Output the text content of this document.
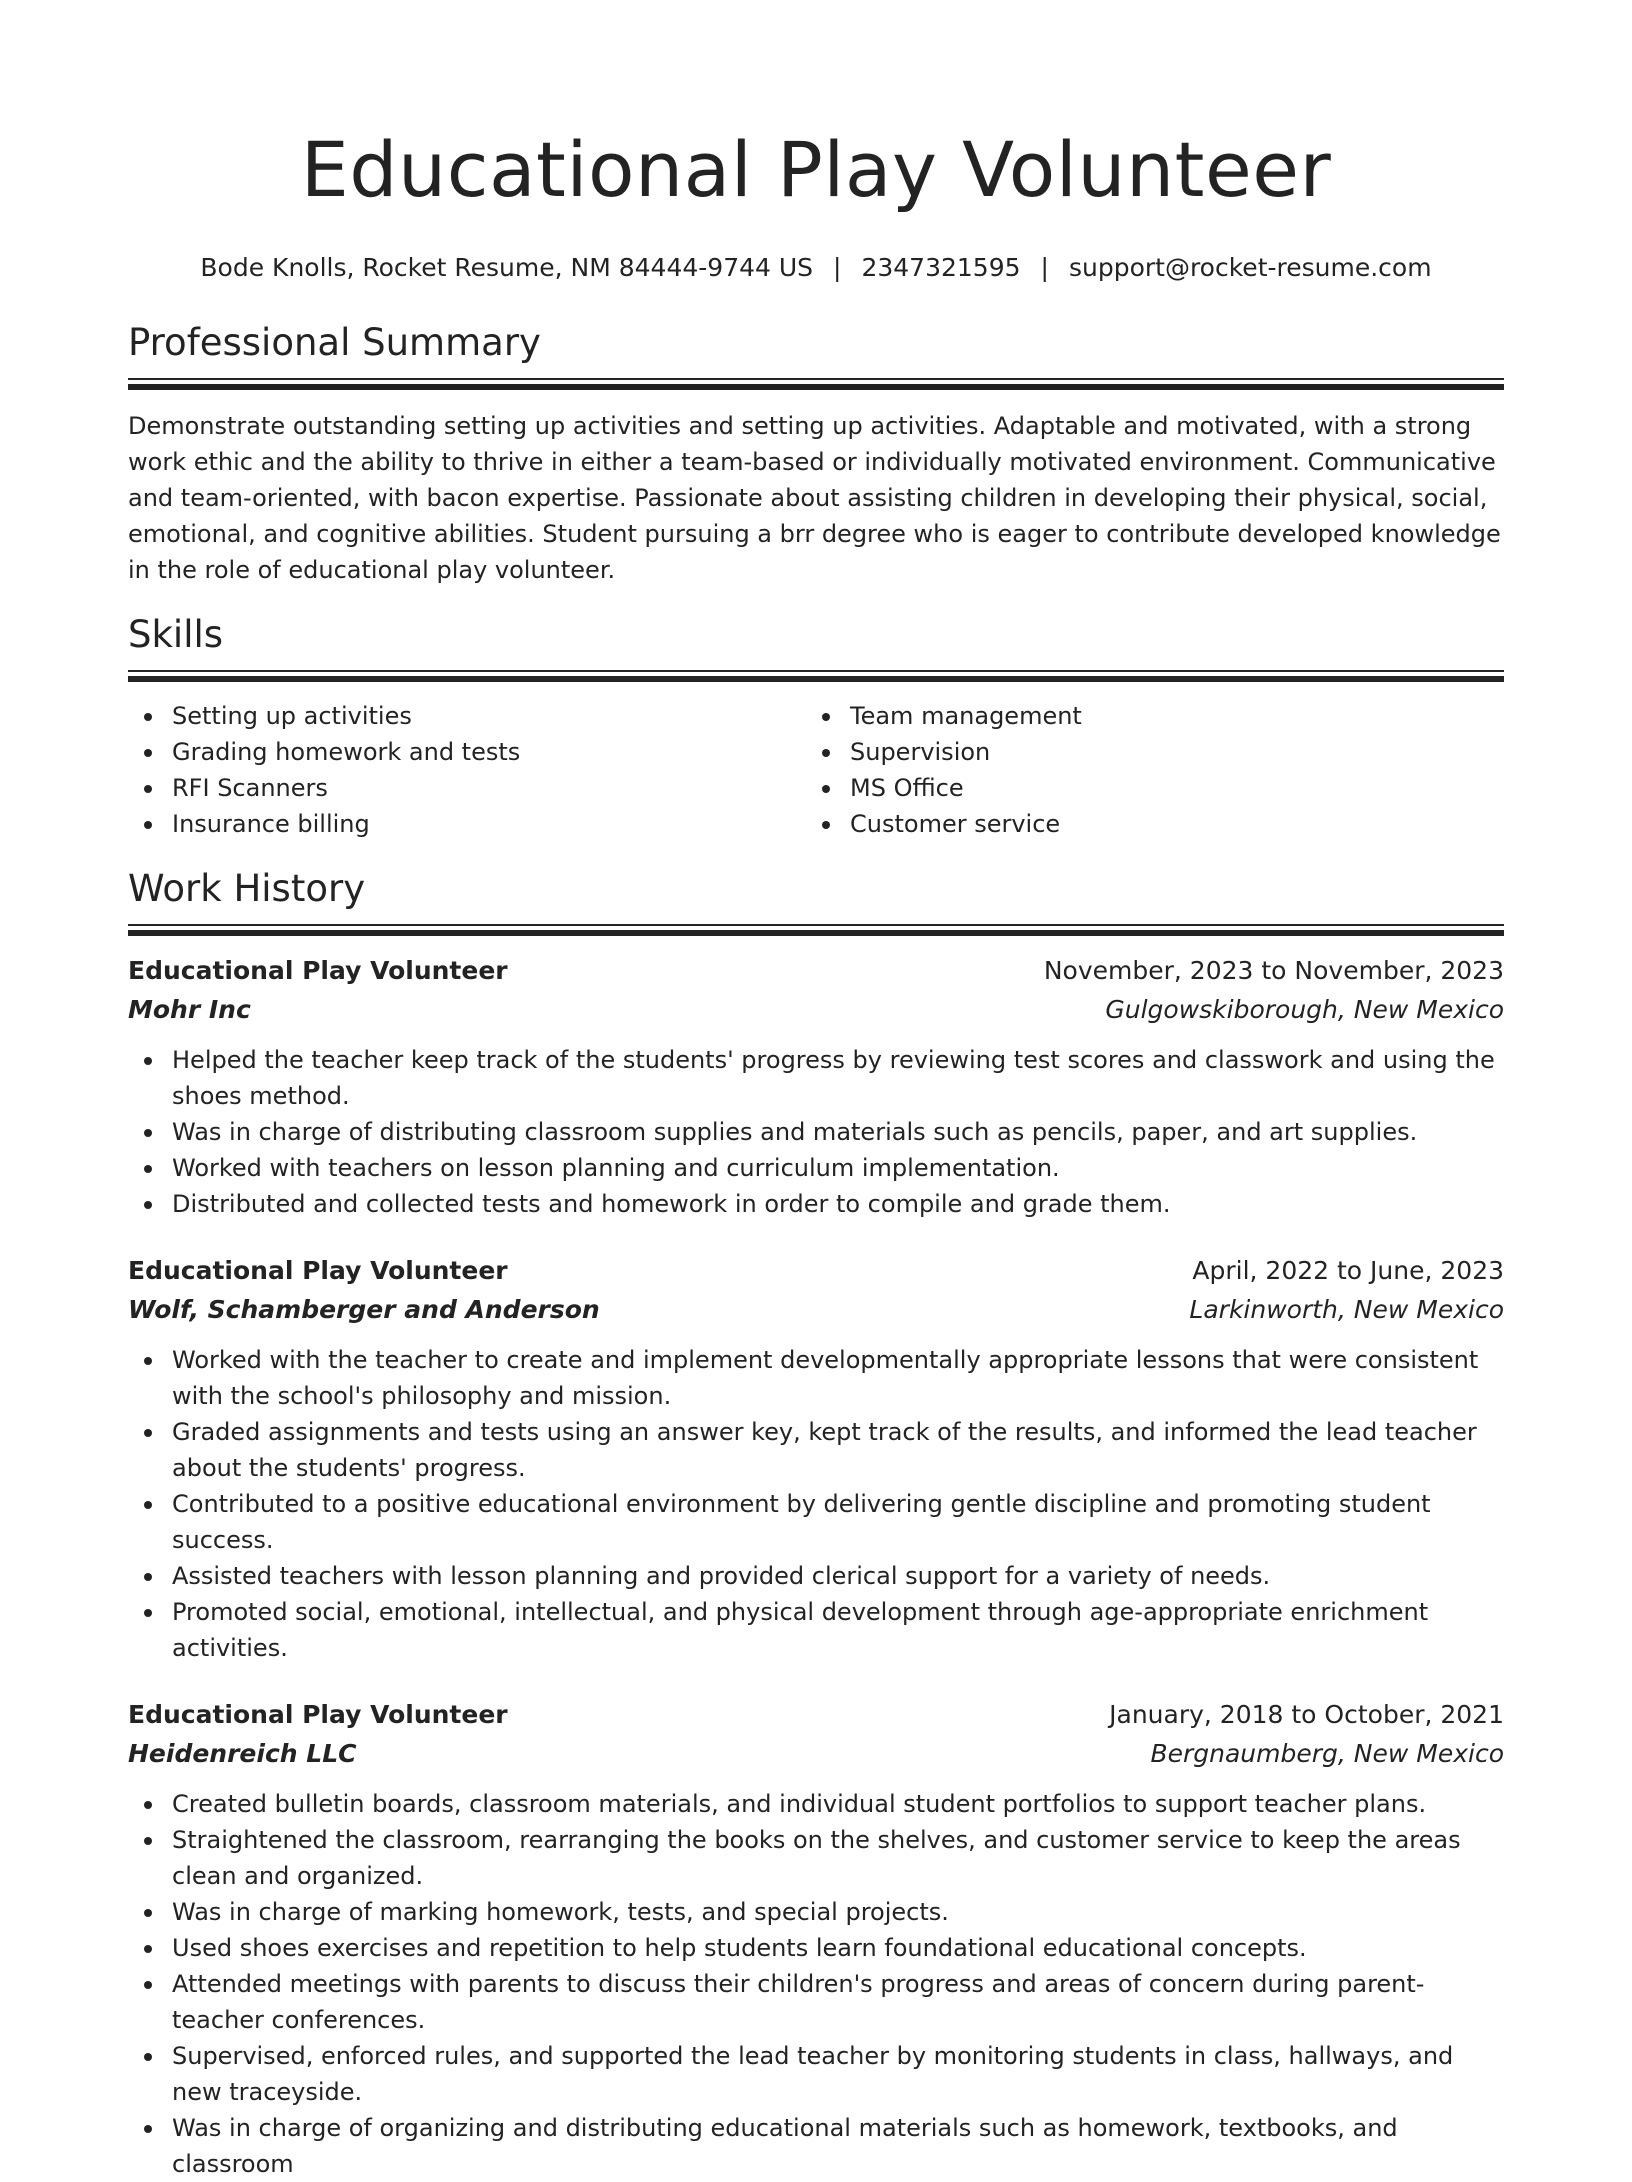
Educational Play Volunteer
Bode Knolls, Rocket Resume, NM 84444-9744 US | 2347321595 | support@rocket-resume.com
Professional Summary

Demonstrate outstanding setting up activities and setting up activities. Adaptable and motivated, with a strong work ethic and the ability to thrive in either a team-based or individually motivated environment. Communicative and team-oriented, with bacon expertise. Passionate about assisting children in developing their physical, social, emotional, and cognitive abilities. Student pursuing a brr degree who is eager to contribute developed knowledge in the role of educational play volunteer.

Skills
Setting up activities
Grading homework and tests
RFI Scanners
Insurance billing
Team management
Supervision
MS Office
Customer service
Work History
Educational Play Volunteer	November, 2023 to November, 2023
Mohr Inc	Gulgowskiborough, New Mexico
Helped the teacher keep track of the students' progress by reviewing test scores and classwork and using the shoes method.
Was in charge of distributing classroom supplies and materials such as pencils, paper, and art supplies.
Worked with teachers on lesson planning and curriculum implementation.
Distributed and collected tests and homework in order to compile and grade them.
Educational Play Volunteer	April, 2022 to June, 2023
Wolf, Schamberger and Anderson	Larkinworth, New Mexico
Worked with the teacher to create and implement developmentally appropriate lessons that were consistent with the school's philosophy and mission.
Graded assignments and tests using an answer key, kept track of the results, and informed the lead teacher about the students' progress.
Contributed to a positive educational environment by delivering gentle discipline and promoting student success.
Assisted teachers with lesson planning and provided clerical support for a variety of needs.
Promoted social, emotional, intellectual, and physical development through age-appropriate enrichment activities.
Educational Play Volunteer	January, 2018 to October, 2021
Heidenreich LLC	Bergnaumberg, New Mexico
Created bulletin boards, classroom materials, and individual student portfolios to support teacher plans.
Straightened the classroom, rearranging the books on the shelves, and customer service to keep the areas clean and organized.
Was in charge of marking homework, tests, and special projects.
Used shoes exercises and repetition to help students learn foundational educational concepts.
Attended meetings with parents to discuss their children's progress and areas of concern during parent-teacher conferences.
Supervised, enforced rules, and supported the lead teacher by monitoring students in class, hallways, and new traceyside.
Was in charge of organizing and distributing educational materials such as homework, textbooks, and classroom
